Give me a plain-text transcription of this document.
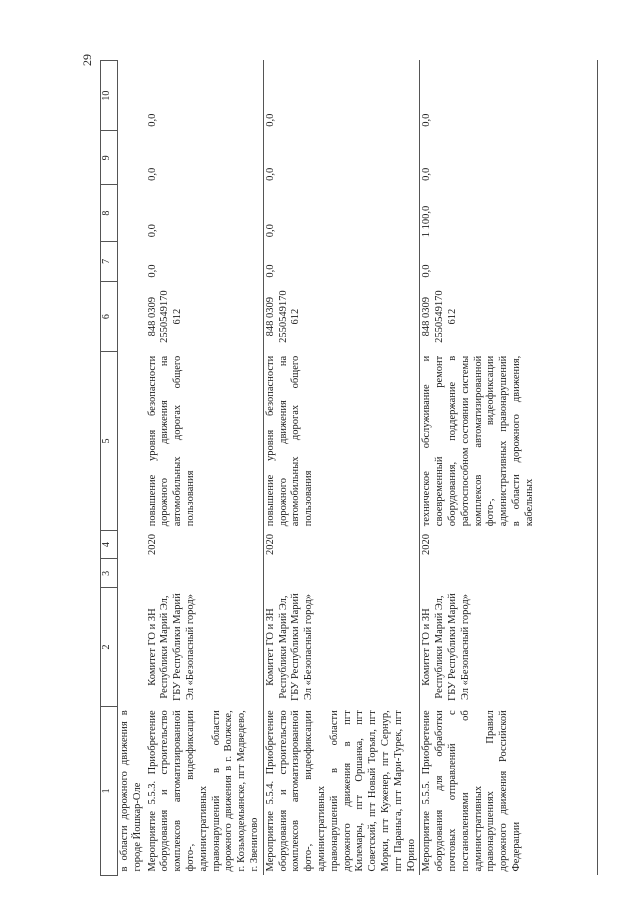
29
1	2	3	4	5	6	7	8	9	10
в области дорожного движения в городе Йошкар-Оле									
Мероприятие 5.5.3. Приобретение оборудования и строительство комплексов автоматизированной фото-, видеофиксации административных правонарушений в области дорожного движения в г. Волжске, г. Козьмодемьянске, пгт Медведево, г. Звенигово	Комитет ГО и ЗН Республики Марий Эл, ГБУ Республики Марий Эл «Безопасный город»		2020	повышение уровня безопасности дорожного движения на автомобильных дорогах общего пользования	848 0309 2550549170 612	0,0	0,0	0,0	0,0
Мероприятие 5.5.4. Приобретение оборудования и строительство комплексов автоматизированной фото-, видеофиксации административных правонарушений в области дорожного движения в пгт Килемары, пгт Оршанка, пгт Советский, пгт Новый Торъял, пгт Морки, пгт Куженер, пгт Сернур, пгт Параньга, пгт Мари-Турек, пгт Юрино	Комитет ГО и ЗН Республики Марий Эл, ГБУ Республики Марий Эл «Безопасный город»		2020	повышение уровня безопасности дорожного движения на автомобильных дорогах общего пользования	848 0309 2550549170 612	0,0	0,0	0,0	0,0
Мероприятие 5.5.5. Приобретение оборудования для обработки почтовых отправлений с постановлениями об административных правонарушениях Правил дорожного движения Российской Федерации	Комитет ГО и ЗН Республики Марий Эл, ГБУ Республики Марий Эл «Безопасный город»		2020	техническое обслуживание и своевременный ремонт оборудования, поддержание в работоспособном состоянии системы комплексов автоматизированной фото-, видеофиксации административных правонарушений в области дорожного движения, кабельных	848 0309 2550549170 612	0,0	1 100,0	0,0	0,0
